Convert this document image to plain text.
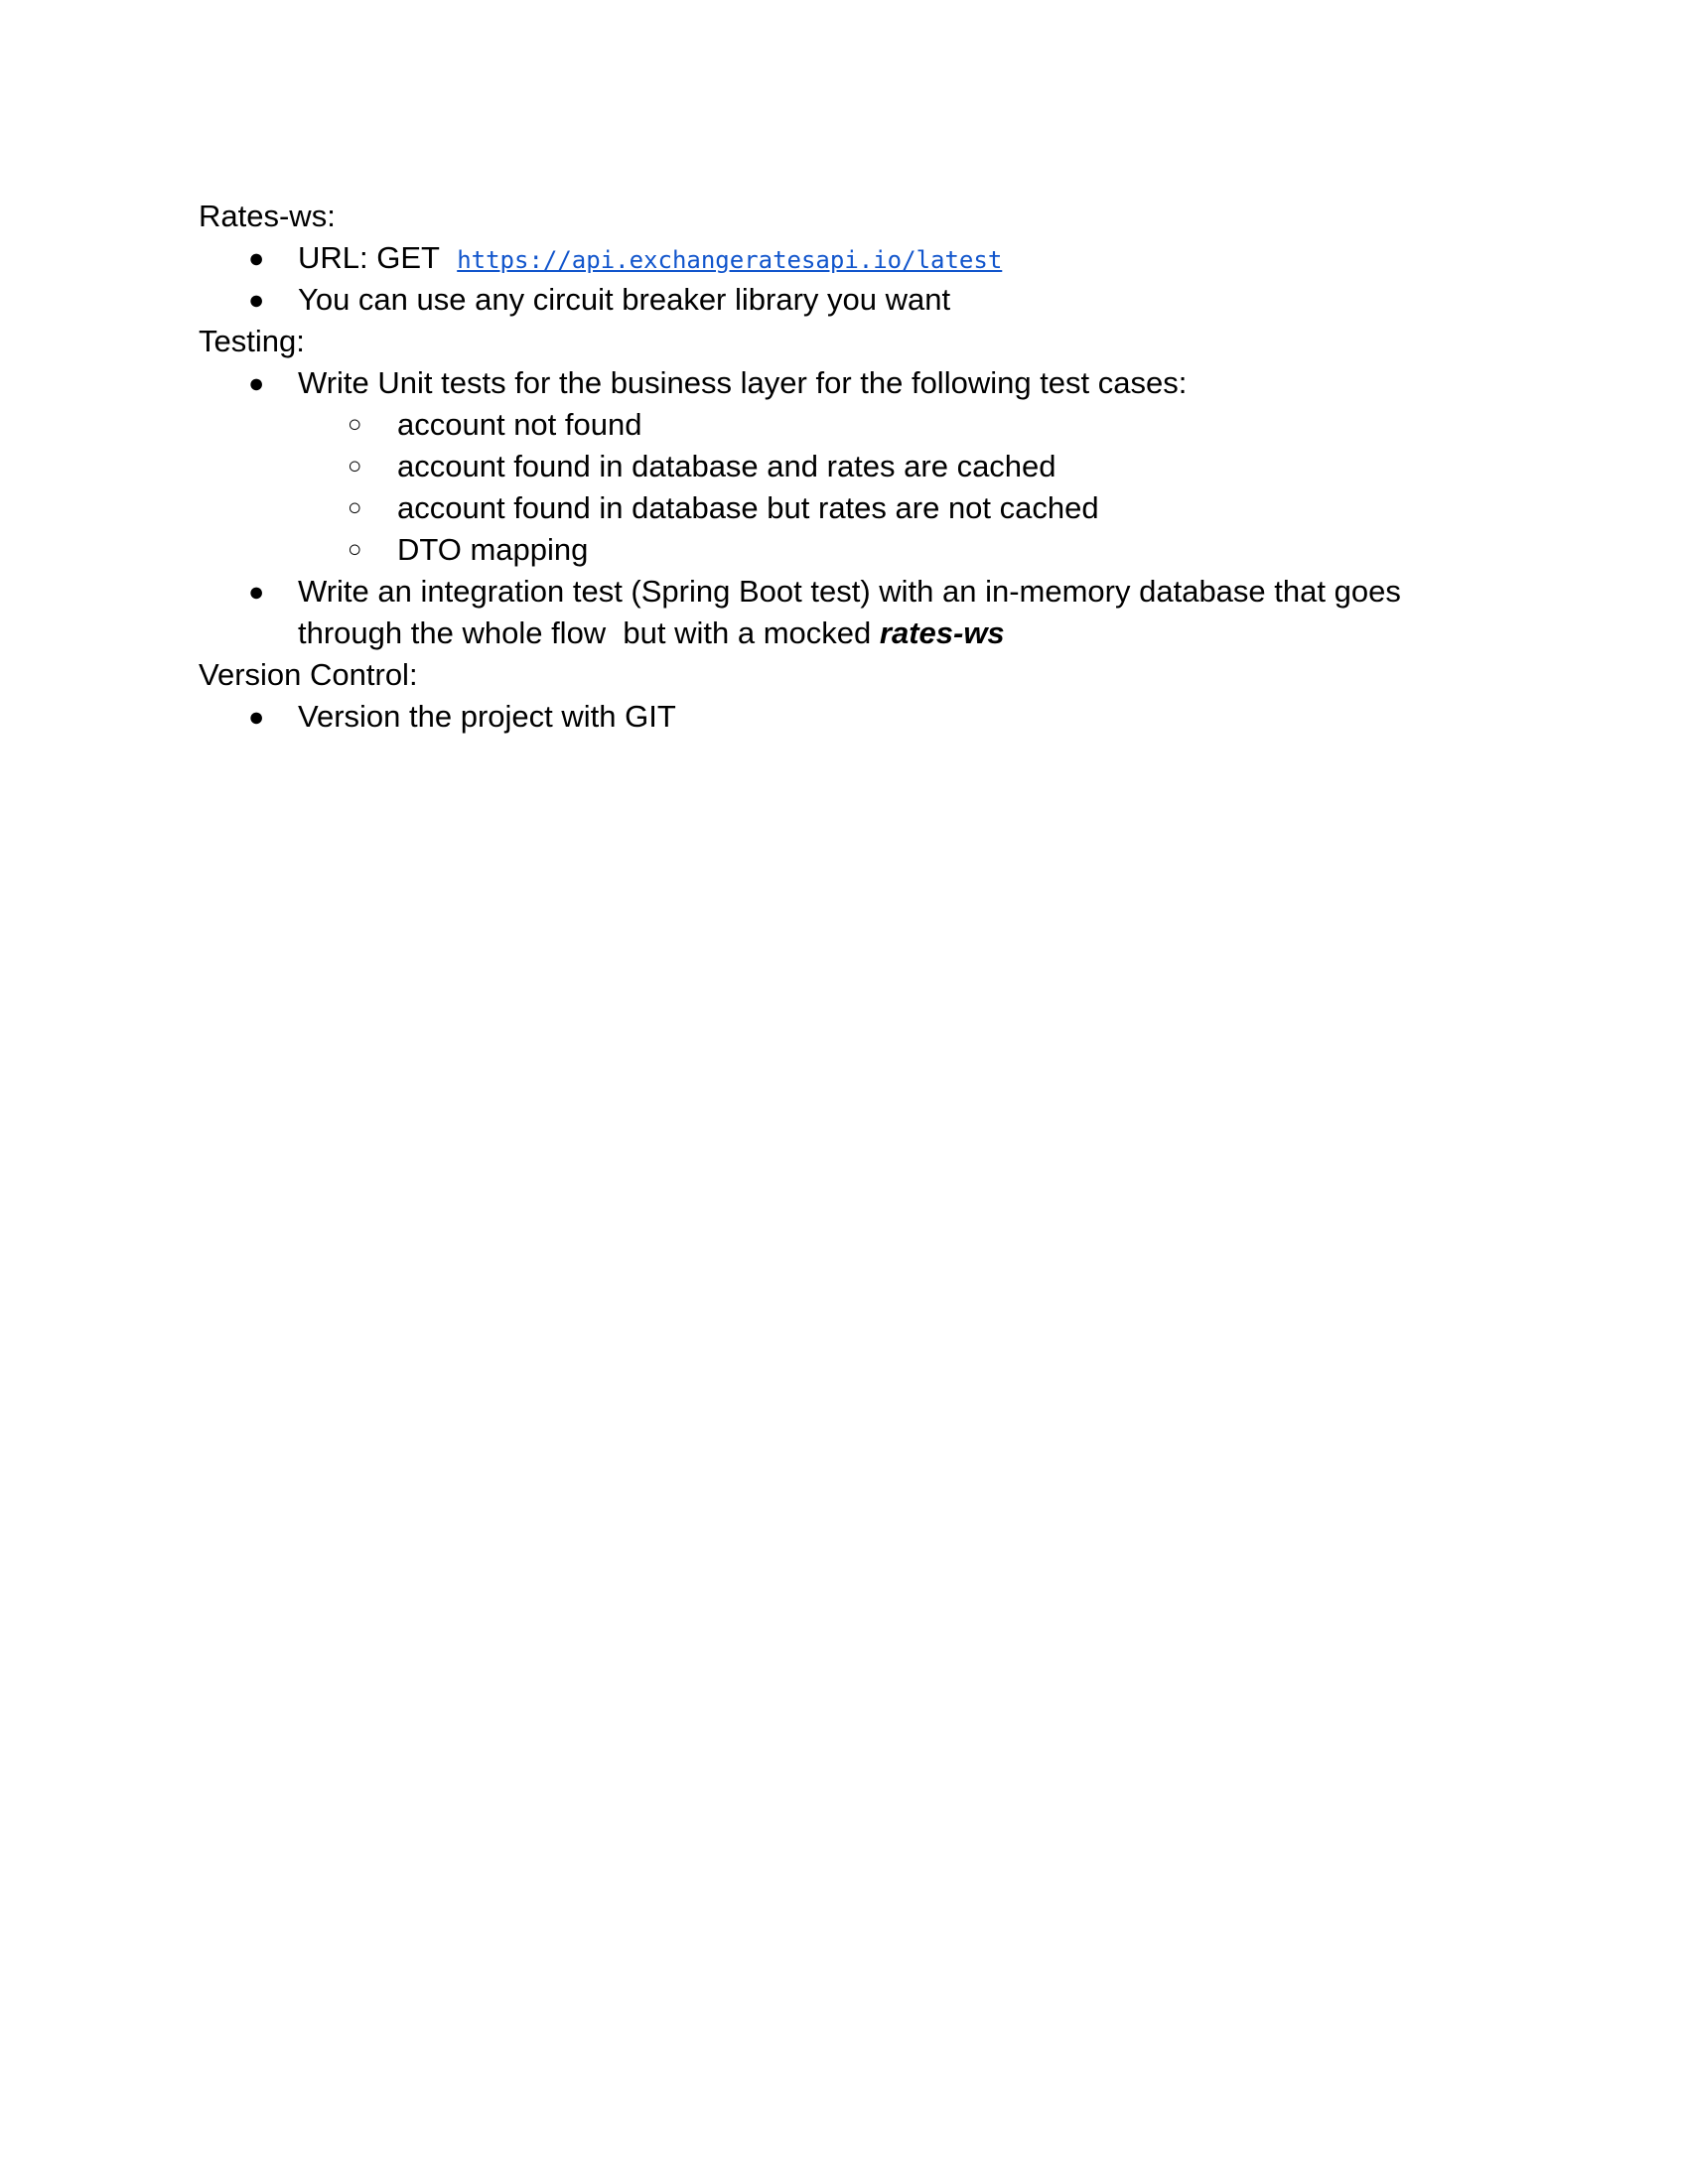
Rates-ws:
● URL: GET https://api.exchangeratesapi.io/latest
● You can use any circuit breaker library you want
Testing:
● Write Unit tests for the business layer for the following test cases:
○ account not found
○ account found in database and rates are cached
○ account found in database but rates are not cached
○ DTO mapping
● Write an integration test (Spring Boot test) with an in-memory database that goes
through the whole flow  but with a mocked rates-ws
Version Control:
● Version the project with GIT
